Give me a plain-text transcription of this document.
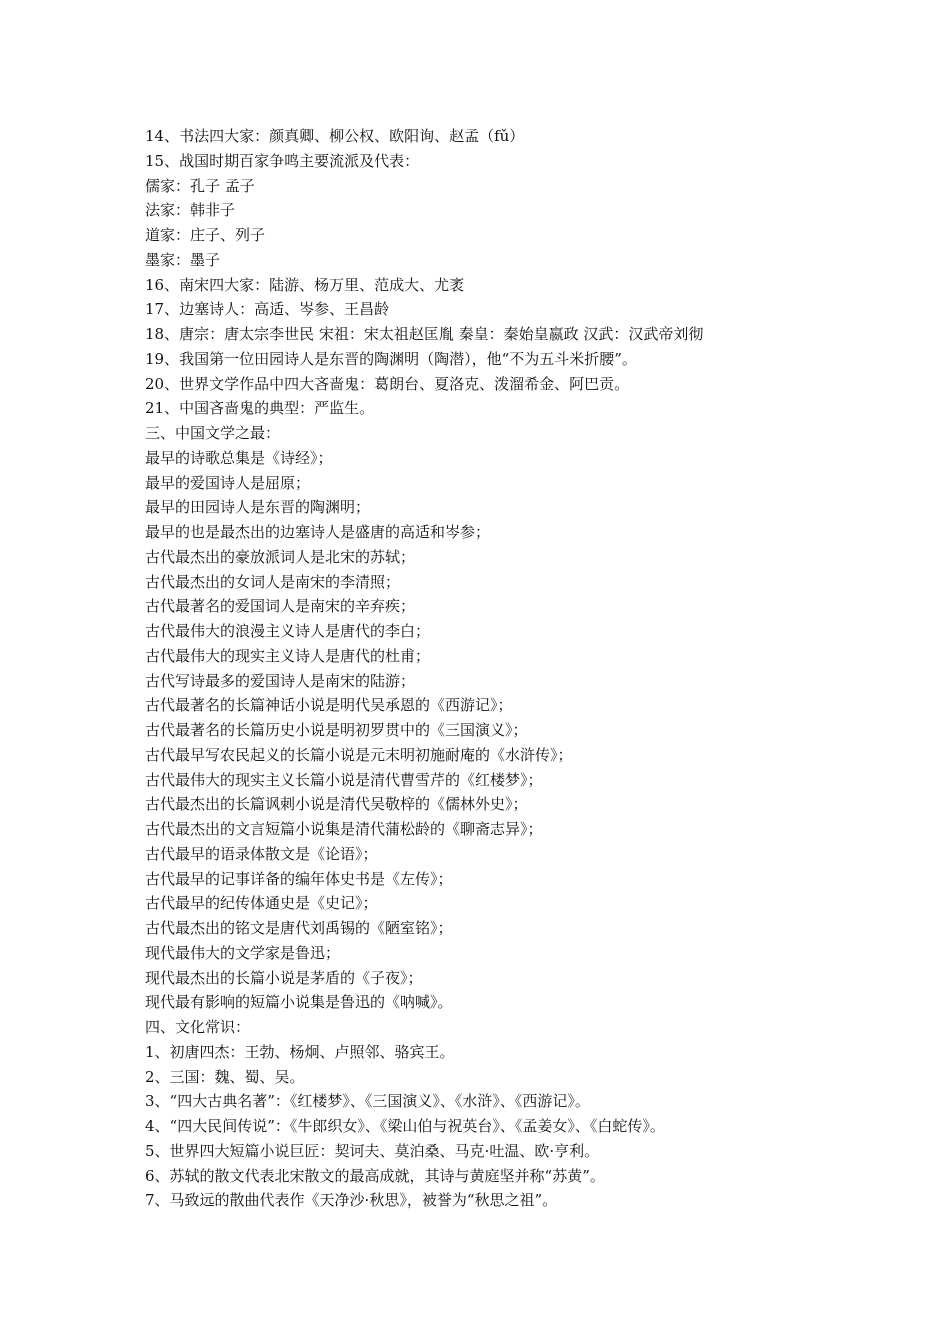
14、书法四大家：颜真卿、柳公权、欧阳询、赵孟（fǔ）
15、战国时期百家争鸣主要流派及代表：
儒家：孔子 孟子
法家：韩非子
道家：庄子、列子
墨家：墨子
16、南宋四大家：陆游、杨万里、范成大、尤袤
17、边塞诗人：高适、岑参、王昌龄
18、唐宗：唐太宗李世民 宋祖：宋太祖赵匡胤 秦皇：秦始皇嬴政 汉武：汉武帝刘彻
19、我国第一位田园诗人是东晋的陶渊明（陶潜），他“不为五斗米折腰”。
20、世界文学作品中四大吝啬鬼：葛朗台、夏洛克、泼溜希金、阿巴贡。
21、中国吝啬鬼的典型：严监生。
三、中国文学之最：
最早的诗歌总集是《诗经》；
最早的爱国诗人是屈原；
最早的田园诗人是东晋的陶渊明；
最早的也是最杰出的边塞诗人是盛唐的高适和岑参；
古代最杰出的豪放派词人是北宋的苏轼；
古代最杰出的女词人是南宋的李清照；
古代最著名的爱国词人是南宋的辛弃疾；
古代最伟大的浪漫主义诗人是唐代的李白；
古代最伟大的现实主义诗人是唐代的杜甫；
古代写诗最多的爱国诗人是南宋的陆游；
古代最著名的长篇神话小说是明代吴承恩的《西游记》；
古代最著名的长篇历史小说是明初罗贯中的《三国演义》；
古代最早写农民起义的长篇小说是元末明初施耐庵的《水浒传》；
古代最伟大的现实主义长篇小说是清代曹雪芹的《红楼梦》；
古代最杰出的长篇讽刺小说是清代吴敬梓的《儒林外史》；
古代最杰出的文言短篇小说集是清代蒲松龄的《聊斋志异》；
古代最早的语录体散文是《论语》；
古代最早的记事详备的编年体史书是《左传》；
古代最早的纪传体通史是《史记》；
古代最杰出的铭文是唐代刘禹锡的《陋室铭》；
现代最伟大的文学家是鲁迅；
现代最杰出的长篇小说是茅盾的《子夜》；
现代最有影响的短篇小说集是鲁迅的《呐喊》。
四、文化常识：
1、初唐四杰：王勃、杨炯、卢照邻、骆宾王。
2、三国：魏、蜀、吴。
3、“四大古典名著”：《红楼梦》、《三国演义》、《水浒》、《西游记》。
4、“四大民间传说”：《牛郎织女》、《梁山伯与祝英台》、《孟姜女》、《白蛇传》。
5、世界四大短篇小说巨匠：契诃夫、莫泊桑、马克·吐温、欧·亨利。
6、苏轼的散文代表北宋散文的最高成就，其诗与黄庭坚并称“苏黄”。
7、马致远的散曲代表作《天净沙·秋思》，被誉为“秋思之祖”。
